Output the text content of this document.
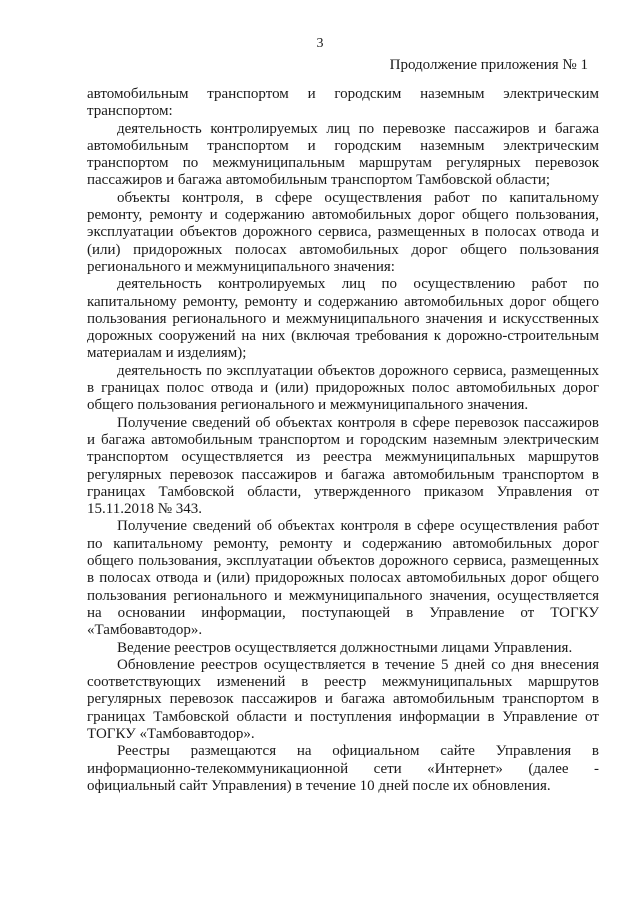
3
Продолжение приложения № 1

автомобильным транспортом и городским наземным электрическим транспортом:

деятельность контролируемых лиц по перевозке пассажиров и багажа автомобильным транспортом и городским наземным электрическим транспортом по межмуниципальным маршрутам регулярных перевозок пассажиров и багажа автомобильным транспортом Тамбовской области;

объекты контроля, в сфере осуществления работ по капитальному ремонту, ремонту и содержанию автомобильных дорог общего пользования, эксплуатации объектов дорожного сервиса, размещенных в полосах отвода и (или) придорожных полосах автомобильных дорог общего пользования регионального и межмуниципального значения:

деятельность контролируемых лиц по осуществлению работ по капитальному ремонту, ремонту и содержанию автомобильных дорог общего пользования регионального и межмуниципального значения и искусственных дорожных сооружений на них (включая требования к дорожно-строительным материалам и изделиям);

деятельность по эксплуатации объектов дорожного сервиса, размещенных в границах полос отвода и (или) придорожных полос автомобильных дорог общего пользования регионального и межмуниципального значения.

Получение сведений об объектах контроля в сфере перевозок пассажиров и багажа автомобильным транспортом и городским наземным электрическим транспортом осуществляется из реестра межмуниципальных маршрутов регулярных перевозок пассажиров и багажа автомобильным транспортом в границах Тамбовской области, утвержденного приказом Управления от 15.11.2018 № 343.

Получение сведений об объектах контроля в сфере осуществления работ по капитальному ремонту, ремонту и содержанию автомобильных дорог общего пользования, эксплуатации объектов дорожного сервиса, размещенных в полосах отвода и (или) придорожных полосах автомобильных дорог общего пользования регионального и межмуниципального значения, осуществляется на основании информации, поступающей в Управление от ТОГКУ «Тамбовавтодор».

Ведение реестров осуществляется должностными лицами Управления.

Обновление реестров осуществляется в течение 5 дней со дня внесения соответствующих изменений в реестр межмуниципальных маршрутов регулярных перевозок пассажиров и багажа автомобильным транспортом в границах Тамбовской области и поступления информации в Управление от ТОГКУ «Тамбовавтодор».

Реестры размещаются на официальном сайте Управления в информационно-телекоммуникационной сети «Интернет» (далее - официальный сайт Управления) в течение 10 дней после их обновления.
